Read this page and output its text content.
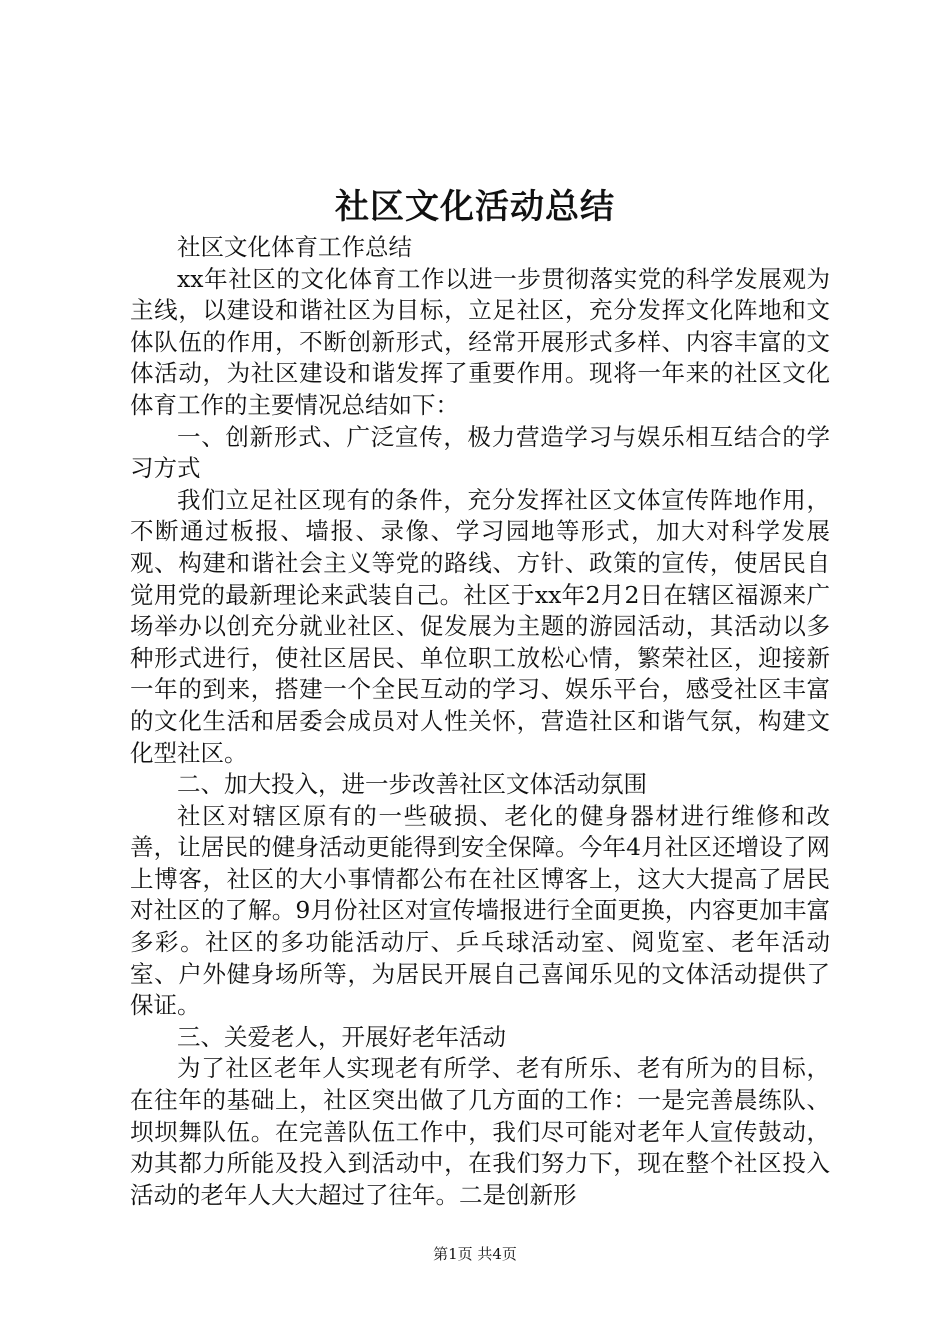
社区文化活动总结

社区文化体育工作总结

xx年社区的文化体育工作以进一步贯彻落实党的科学发展观为主线，以建设和谐社区为目标，立足社区，充分发挥文化阵地和文体队伍的作用，不断创新形式，经常开展形式多样、内容丰富的文体活动，为社区建设和谐发挥了重要作用。现将一年来的社区文化体育工作的主要情况总结如下：

一、创新形式、广泛宣传，极力营造学习与娱乐相互结合的学习方式

我们立足社区现有的条件，充分发挥社区文体宣传阵地作用，不断通过板报、墙报、录像、学习园地等形式，加大对科学发展观、构建和谐社会主义等党的路线、方针、政策的宣传，使居民自觉用党的最新理论来武装自己。社区于xx年2月2日在辖区福源来广场举办以创充分就业社区、促发展为主题的游园活动，其活动以多种形式进行，使社区居民、单位职工放松心情，繁荣社区，迎接新一年的到来，搭建一个全民互动的学习、娱乐平台，感受社区丰富的文化生活和居委会成员对人性关怀，营造社区和谐气氛，构建文化型社区。

二、加大投入，进一步改善社区文体活动氛围

社区对辖区原有的一些破损、老化的健身器材进行维修和改善，让居民的健身活动更能得到安全保障。今年4月社区还增设了网上博客，社区的大小事情都公布在社区博客上，这大大提高了居民对社区的了解。9月份社区对宣传墙报进行全面更换，内容更加丰富多彩。社区的多功能活动厅、乒乓球活动室、阅览室、老年活动室、户外健身场所等，为居民开展自己喜闻乐见的文体活动提供了保证。

三、关爱老人，开展好老年活动

为了社区老年人实现老有所学、老有所乐、老有所为的目标，在往年的基础上，社区突出做了几方面的工作：一是完善晨练队、坝坝舞队伍。在完善队伍工作中，我们尽可能对老年人宣传鼓动，劝其都力所能及投入到活动中，在我们努力下，现在整个社区投入活动的老年人大大超过了往年。二是创新形

第1页 共4页
